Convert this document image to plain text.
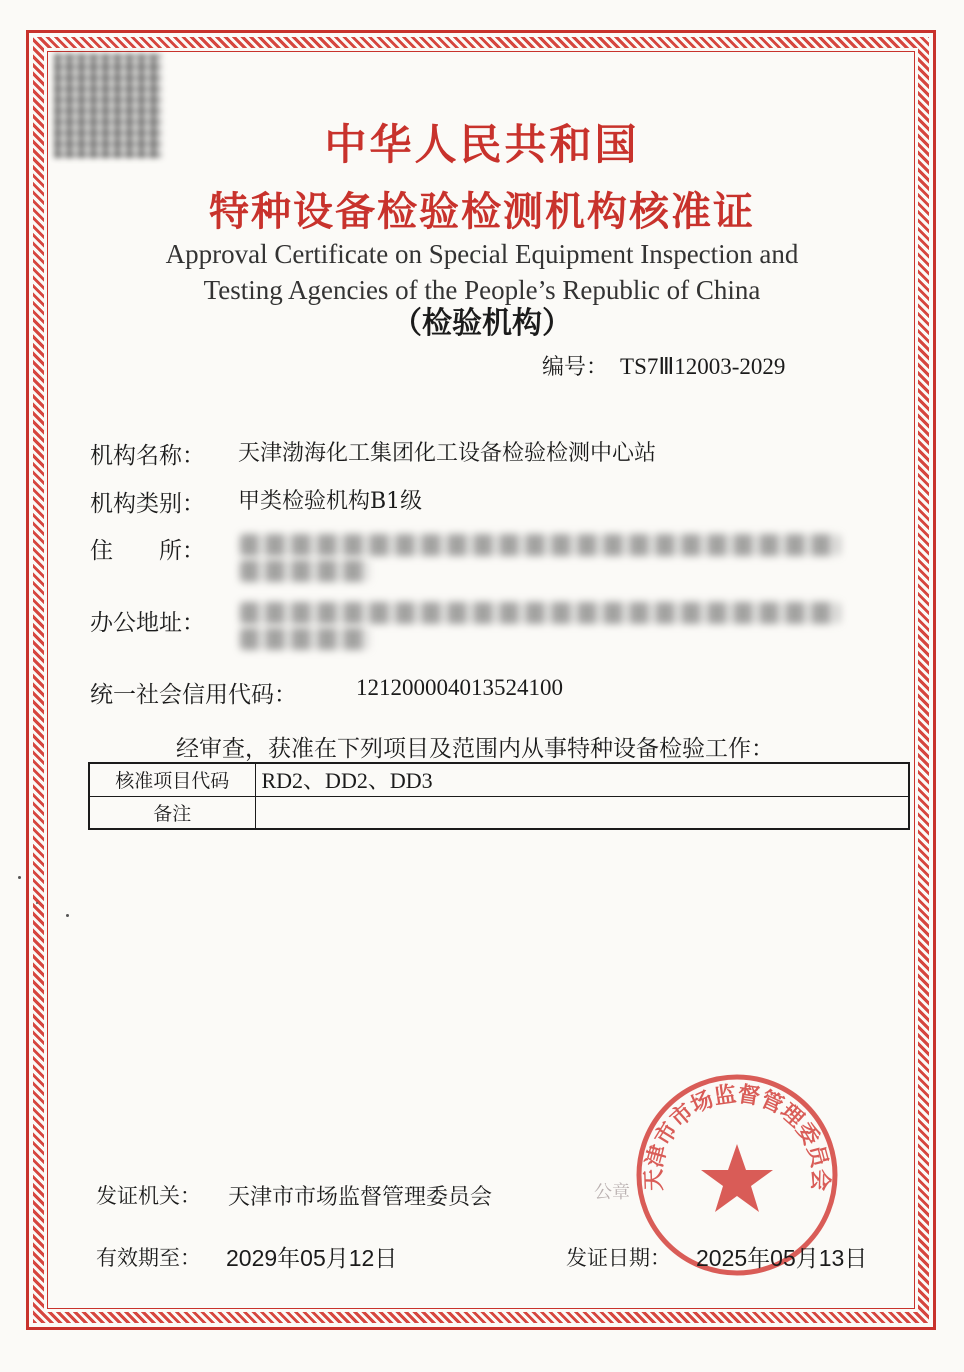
中华人民共和国
特种设备检验检测机构核准证
Approval Certificate on Special Equipment Inspection and
Testing Agencies of the People’s Republic of China
（检验机构）
编号： TS7Ⅲ12003-2029
机构名称： 天津渤海化工集团化工设备检验检测中心站
机构类别： 甲类检验机构B1级
住　　所：
办公地址：
统一社会信用代码：	121200004013524100
经审查，获准在下列项目及范围内从事特种设备检验工作：
核准项目代码	RD2、DD2、DD3
备注	
公章
天津市市场监督管理委员会
发证机关： 天津市市场监督管理委员会
有效期至： 2029年05月12日	发证日期： 2025年05月13日
